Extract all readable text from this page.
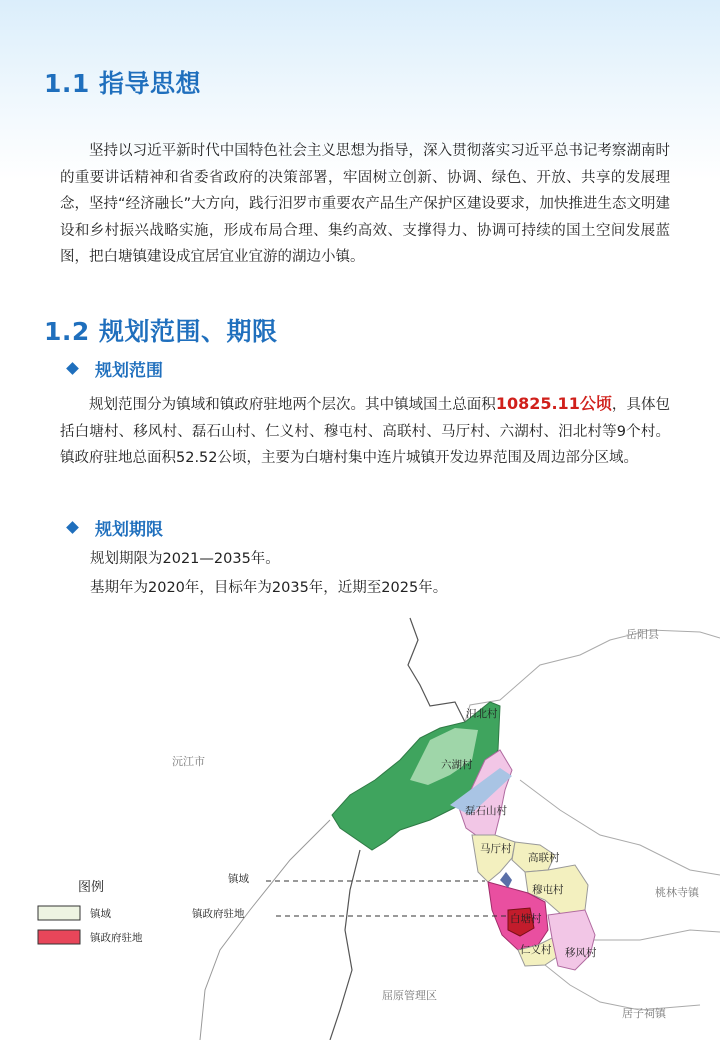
1.1 指导思想
坚持以习近平新时代中国特色社会主义思想为指导，深入贯彻落实习近平总书记考察湖南时的重要讲话精神和省委省政府的决策部署，牢固树立创新、协调、绿色、开放、共享的发展理念，坚持“经济融长”大方向，践行汨罗市重要农产品生产保护区建设要求，加快推进生态文明建设和乡村振兴战略实施，形成布局合理、集约高效、支撑得力、协调可持续的国土空间发展蓝图，把白塘镇建设成宜居宜业宜游的湖边小镇。
1.2 规划范围、期限
规划范围
规划范围分为镇域和镇政府驻地两个层次。其中镇域国土总面积10825.11公顷，具体包括白塘村、移风村、磊石山村、仁义村、穆屯村、高联村、马厅村、六湖村、汨北村等9个村。镇政府驻地总面积52.52公顷，主要为白塘村集中连片城镇开发边界范围及周边部分区域。
规划期限
规划期限为2021—2035年。
基期年为2020年，目标年为2035年，近期至2025年。
岳阳县
沅江市
桃林寺镇
屈原管理区
居子祠镇
汨北村
六湖村
磊石山村
马厅村
高联村
穆屯村
白塘村
仁义村 移风村
镇域
镇政府驻地
图例
镇域
镇政府驻地
